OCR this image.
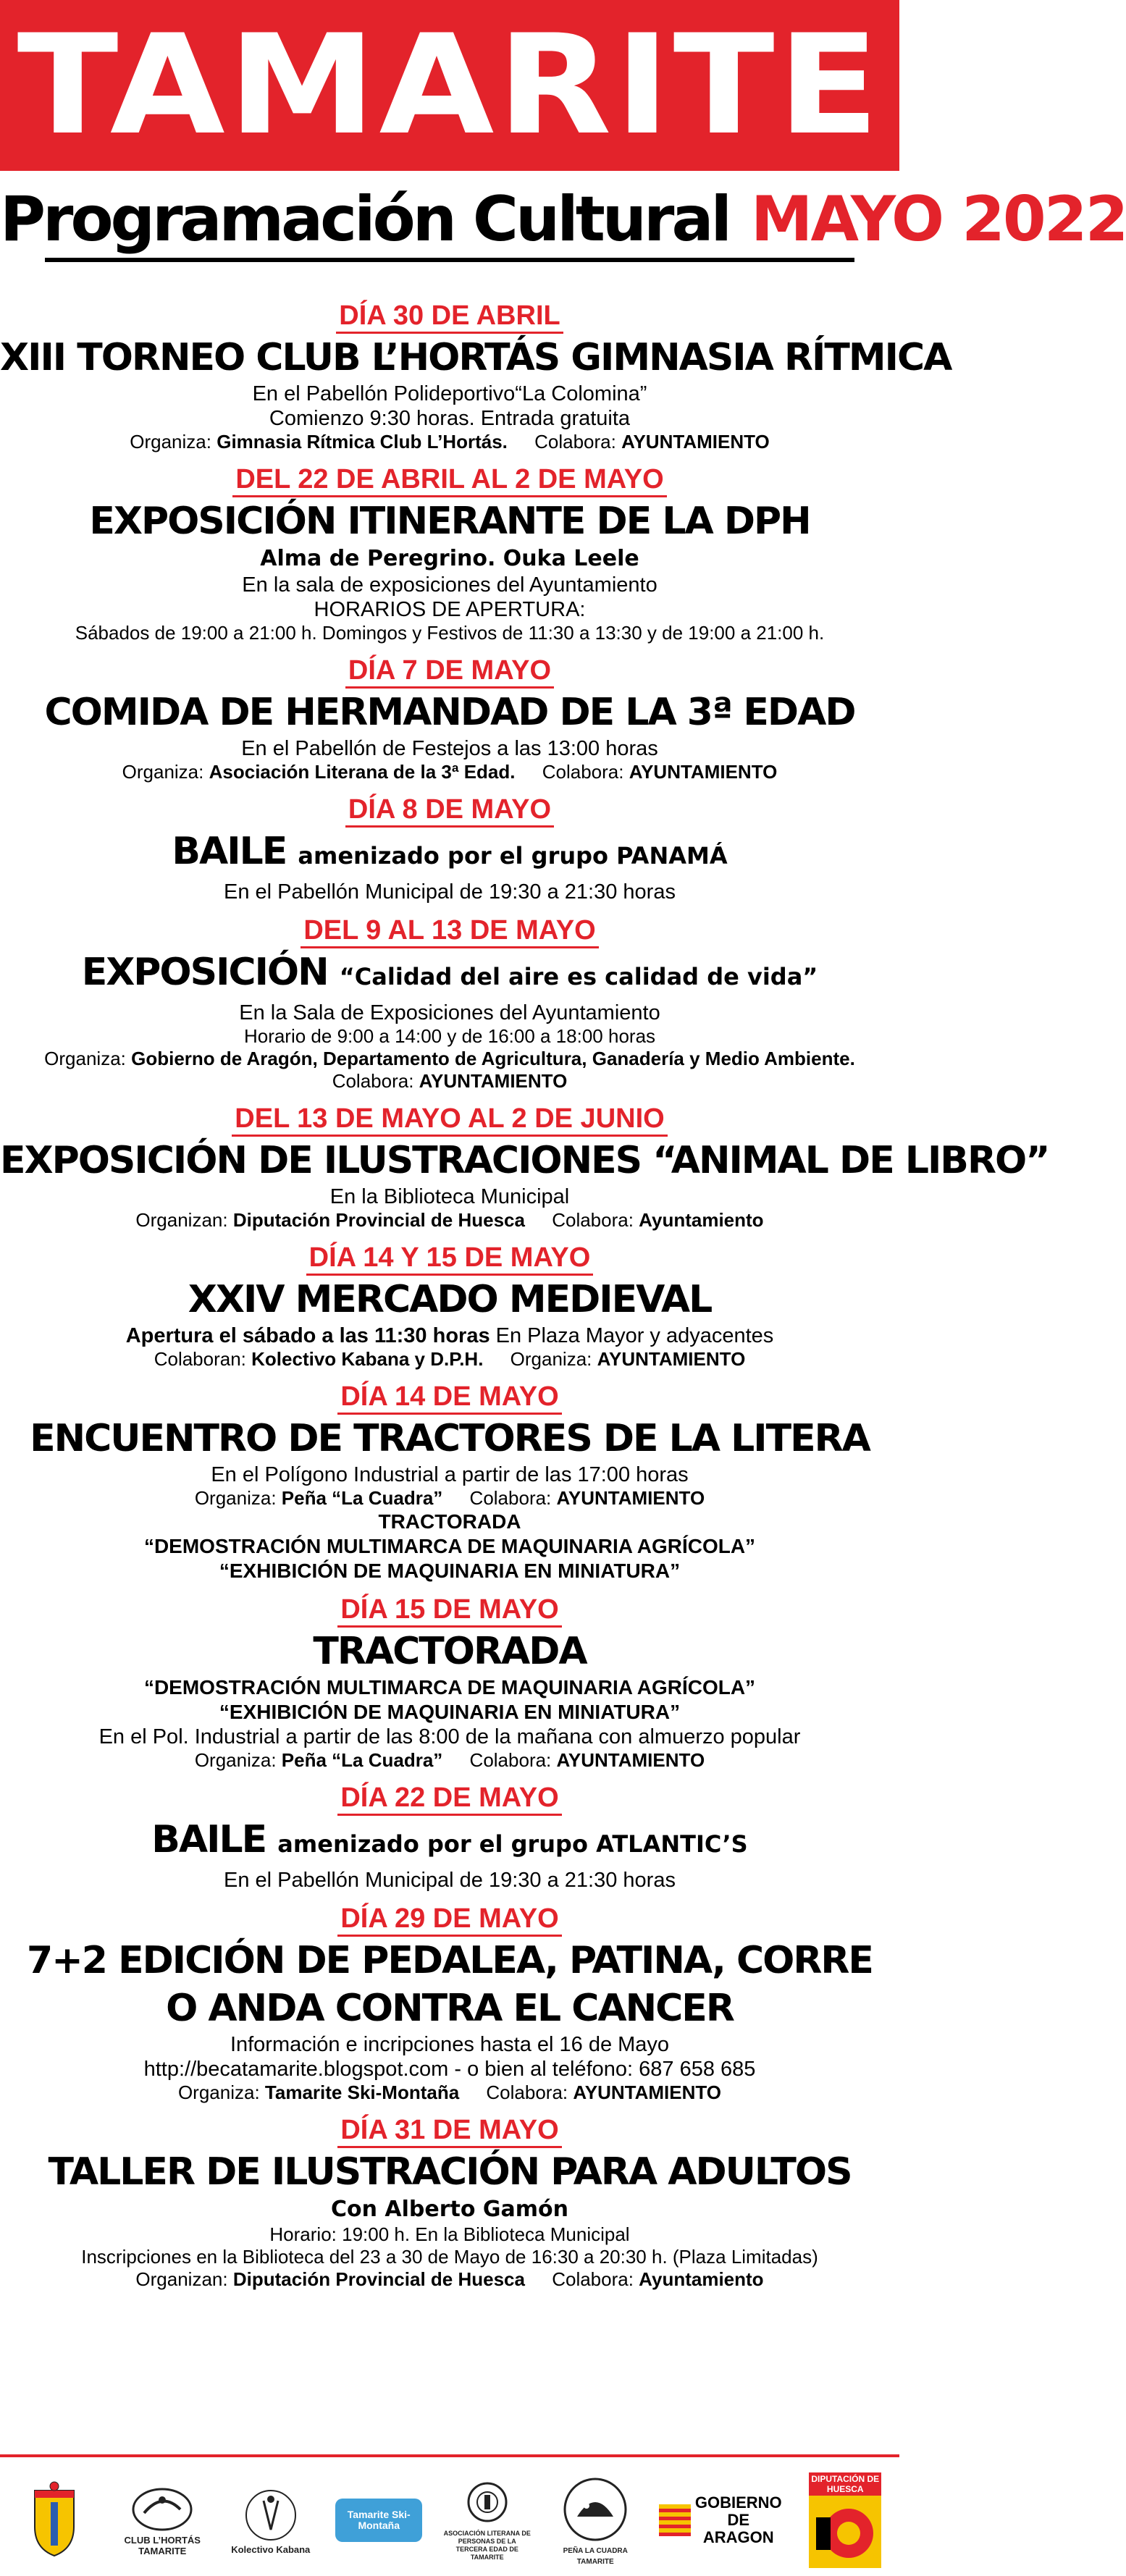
TAMARITE
Programación Cultural MAYO 2022
DÍA 30 DE ABRIL
XIII TORNEO CLUB L’HORTÁS GIMNASIA RÍTMICA
En el Pabellón Polideportivo“La Colomina”
Comienzo 9:30 horas. Entrada gratuita
Organiza: Gimnasia Rítmica Club L’Hortás. Colabora: AYUNTAMIENTO
DEL 22 DE ABRIL AL 2 DE MAYO
EXPOSICIÓN ITINERANTE DE LA DPH
Alma de Peregrino. Ouka Leele
En la sala de exposiciones del Ayuntamiento
HORARIOS DE APERTURA:
Sábados de 19:00 a 21:00 h. Domingos y Festivos de 11:30 a 13:30 y de 19:00 a 21:00 h.
DÍA 7 DE MAYO
COMIDA DE HERMANDAD DE LA 3ª EDAD
En el Pabellón de Festejos a las 13:00 horas
Organiza: Asociación Literana de la 3ª Edad. Colabora: AYUNTAMIENTO
DÍA 8 DE MAYO
BAILE amenizado por el grupo PANAMÁ
En el Pabellón Municipal de 19:30 a 21:30 horas
DEL 9 AL 13 DE MAYO
EXPOSICIÓN “Calidad del aire es calidad de vida”
En la Sala de Exposiciones del Ayuntamiento
Horario de 9:00 a 14:00 y de 16:00 a 18:00 horas
Organiza: Gobierno de Aragón, Departamento de Agricultura, Ganadería y Medio Ambiente.
Colabora: AYUNTAMIENTO
DEL 13 DE MAYO AL 2 DE JUNIO
EXPOSICIÓN DE ILUSTRACIONES “ANIMAL DE LIBRO”
En la Biblioteca Municipal
Organizan: Diputación Provincial de Huesca Colabora: Ayuntamiento
DÍA 14 Y 15 DE MAYO
XXIV MERCADO MEDIEVAL
Apertura el sábado a las 11:30 horas En Plaza Mayor y adyacentes
Colaboran: Kolectivo Kabana y D.P.H. Organiza: AYUNTAMIENTO
DÍA 14 DE MAYO
ENCUENTRO DE TRACTORES DE LA LITERA
En el Polígono Industrial a partir de las 17:00 horas
Organiza: Peña “La Cuadra” Colabora: AYUNTAMIENTO
TRACTORADA
“DEMOSTRACIÓN MULTIMARCA DE MAQUINARIA AGRÍCOLA”
“EXHIBICIÓN DE MAQUINARIA EN MINIATURA”
DÍA 15 DE MAYO
TRACTORADA
“DEMOSTRACIÓN MULTIMARCA DE MAQUINARIA AGRÍCOLA”
“EXHIBICIÓN DE MAQUINARIA EN MINIATURA”
En el Pol. Industrial a partir de las 8:00 de la mañana con almuerzo popular
Organiza: Peña “La Cuadra” Colabora: AYUNTAMIENTO
DÍA 22 DE MAYO
BAILE amenizado por el grupo ATLANTIC’S
En el Pabellón Municipal de 19:30 a 21:30 horas
DÍA 29 DE MAYO
7+2 EDICIÓN DE PEDALEA, PATINA, CORRE
O ANDA CONTRA EL CANCER
Información e incripciones hasta el 16 de Mayo
http://becatamarite.blogspot.com - o bien al teléfono: 687 658 685
Organiza: Tamarite Ski-Montaña Colabora: AYUNTAMIENTO
DÍA 31 DE MAYO
TALLER DE ILUSTRACIÓN PARA ADULTOS
Con Alberto Gamón
Horario: 19:00 h. En la Biblioteca Municipal
Inscripciones en la Biblioteca del 23 a 30 de Mayo de 16:30 a 20:30 h. (Plaza Limitadas)
Organizan: Diputación Provincial de Huesca Colabora: Ayuntamiento
CLUB L’HORTÁS TAMARITE	Kolectivo Kabana
Tamarite Ski-Montaña
ASOCIACIÓN LITERANA DE PERSONAS DE LA TERCERA EDAD DE TAMARITE
PEÑA LA CUADRA TAMARITE
GOBIERNO DE ARAGON
DIPUTACIÓN DE HUESCA
